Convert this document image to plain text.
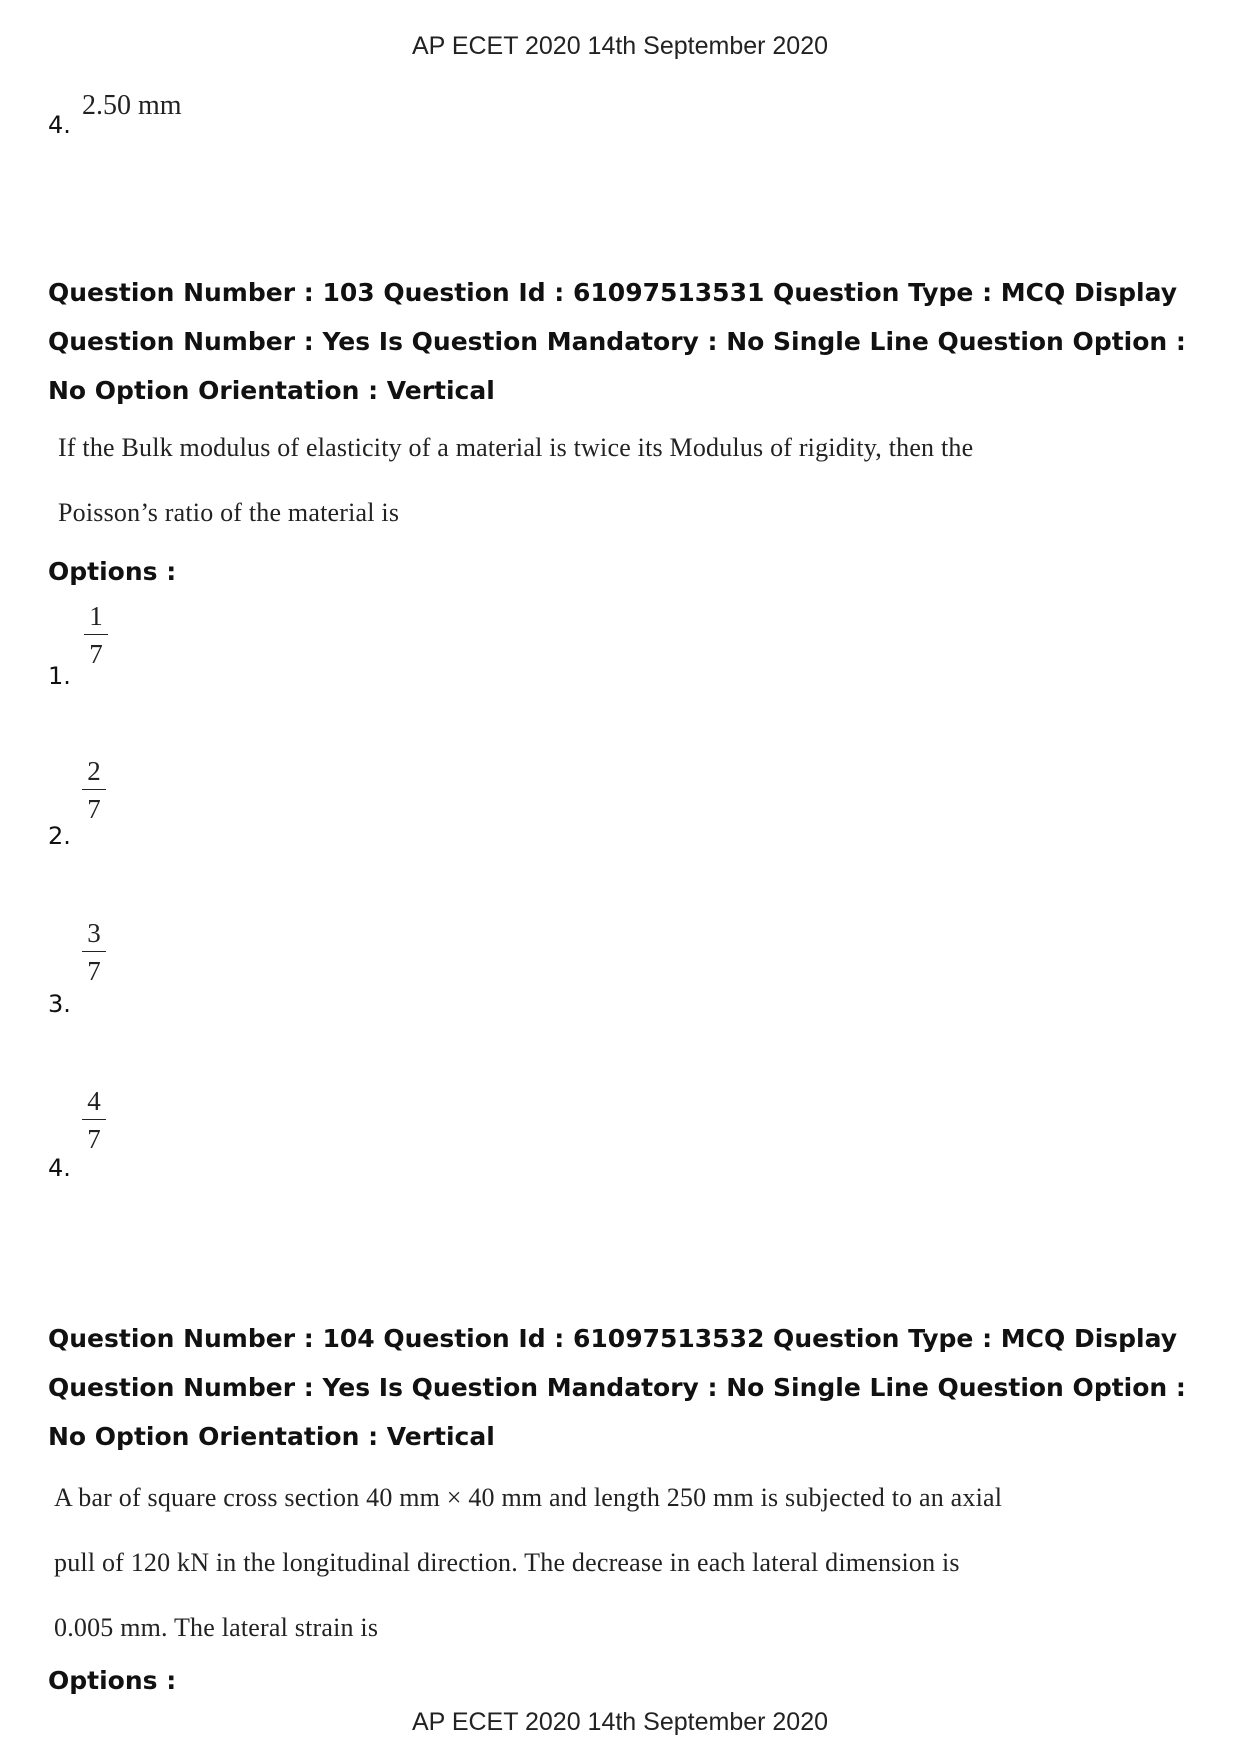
AP ECET 2020 14th September 2020
4.
2.50 mm
Question Number : 103 Question Id : 61097513531 Question Type : MCQ Display Question Number : Yes Is Question Mandatory : No Single Line Question Option : No Option Orientation : Vertical
If the Bulk modulus of elasticity of a material is twice its Modulus of rigidity, then the
Poisson’s ratio of the material is
Options :
1
7
1.
2
7
2.
3
7
3.
4
7
4.
Question Number : 104 Question Id : 61097513532 Question Type : MCQ Display Question Number : Yes Is Question Mandatory : No Single Line Question Option : No Option Orientation : Vertical
A bar of square cross section 40 mm × 40 mm and length 250 mm is subjected to an axial
pull of 120 kN in the longitudinal direction. The decrease in each lateral dimension is
0.005 mm. The lateral strain is
Options :
AP ECET 2020 14th September 2020
